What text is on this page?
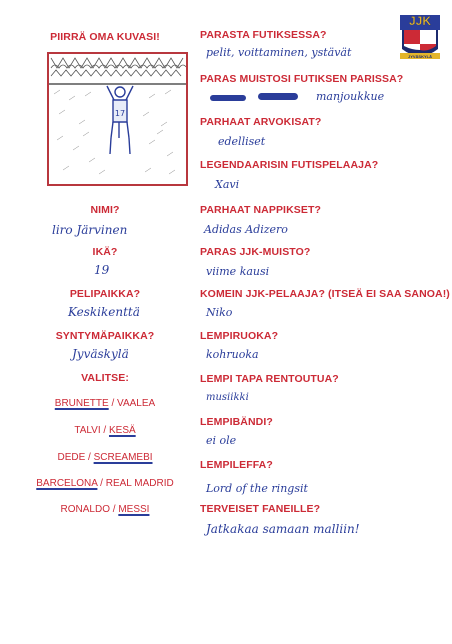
PIIRRÄ OMA KUVASI!
17
NIMI?
liro Järvinen
IKÄ?
19
PELIPAIKKA?
Keskikenttä
SYNTYMÄPAIKKA?
Jyväskylä
VALITSE:
BRUNETTE / VAALEA
TALVI / KESÄ
DEDE / SCREAMEBI
BARCELONA / REAL MADRID
RONALDO / MESSI
PARASTA FUTIKSESSA?
pelit, voittaminen, ystävät
PARAS MUISTOSI FUTIKSEN PARISSA?
manjoukkue
PARHAAT ARVOKISAT?
edelliset
LEGENDAARISIN FUTISPELAAJA?
Xavi
PARHAAT NAPPIKSET?
Adidas Adizero
PARAS JJK-MUISTO?
viime kausi
KOMEIN JJK-PELAAJA? (ITSEÄ EI SAA SANOA!)
Niko
LEMPIRUOKA?
kohruoka
LEMPI TAPA RENTOUTUA?
musiikki
LEMPIBÄNDI?
ei ole
LEMPILEFFA?
Lord of the ringsit
TERVEISET FANEILLE?
Jatkakaa samaan malliin!
JJK
JYVÄSKYLÄ
